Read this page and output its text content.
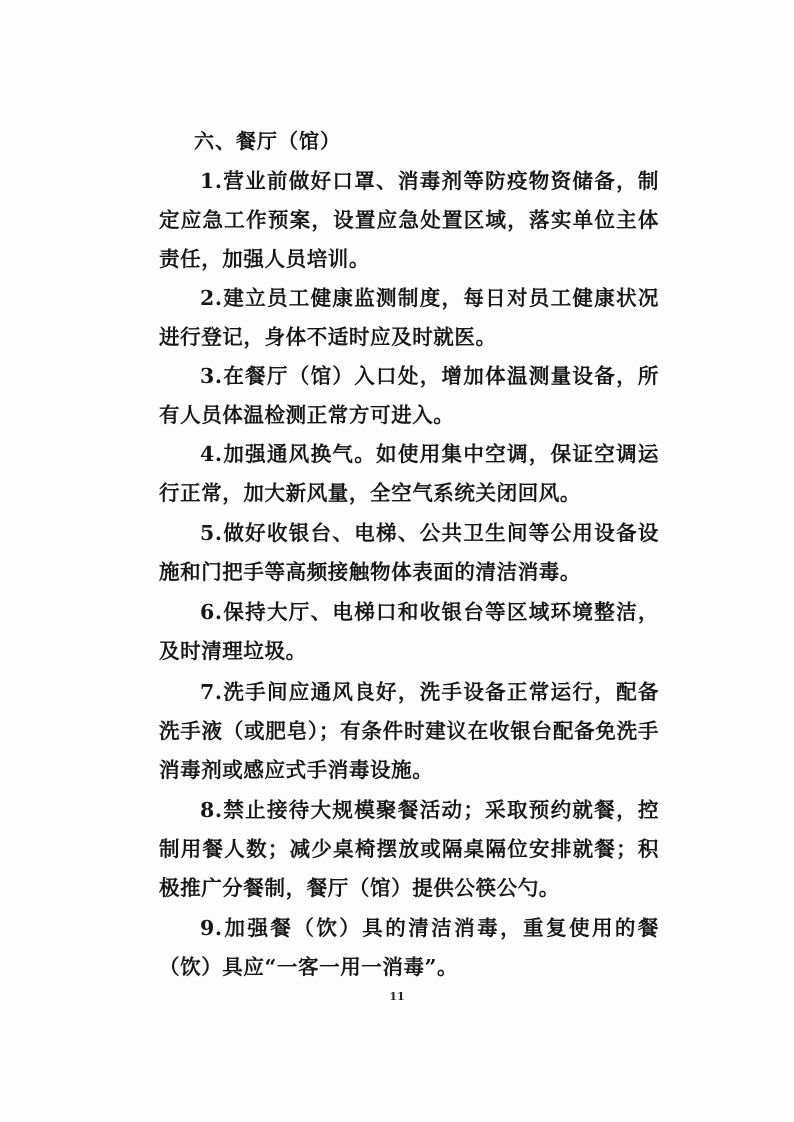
六、餐厅（馆）

1.营业前做好口罩、消毒剂等防疫物资储备，制定应急工作预案，设置应急处置区域，落实单位主体责任，加强人员培训。

2.建立员工健康监测制度，每日对员工健康状况进行登记，身体不适时应及时就医。

3.在餐厅（馆）入口处，增加体温测量设备，所有人员体温检测正常方可进入。

4.加强通风换气。如使用集中空调，保证空调运行正常，加大新风量，全空气系统关闭回风。

5.做好收银台、电梯、公共卫生间等公用设备设施和门把手等高频接触物体表面的清洁消毒。

6.保持大厅、电梯口和收银台等区域环境整洁，及时清理垃圾。

7.洗手间应通风良好，洗手设备正常运行，配备洗手液（或肥皂）；有条件时建议在收银台配备免洗手消毒剂或感应式手消毒设施。

8.禁止接待大规模聚餐活动；采取预约就餐，控制用餐人数；减少桌椅摆放或隔桌隔位安排就餐；积极推广分餐制，餐厅（馆）提供公筷公勺。

9.加强餐（饮）具的清洁消毒，重复使用的餐（饮）具应“一客一用一消毒”。

11
